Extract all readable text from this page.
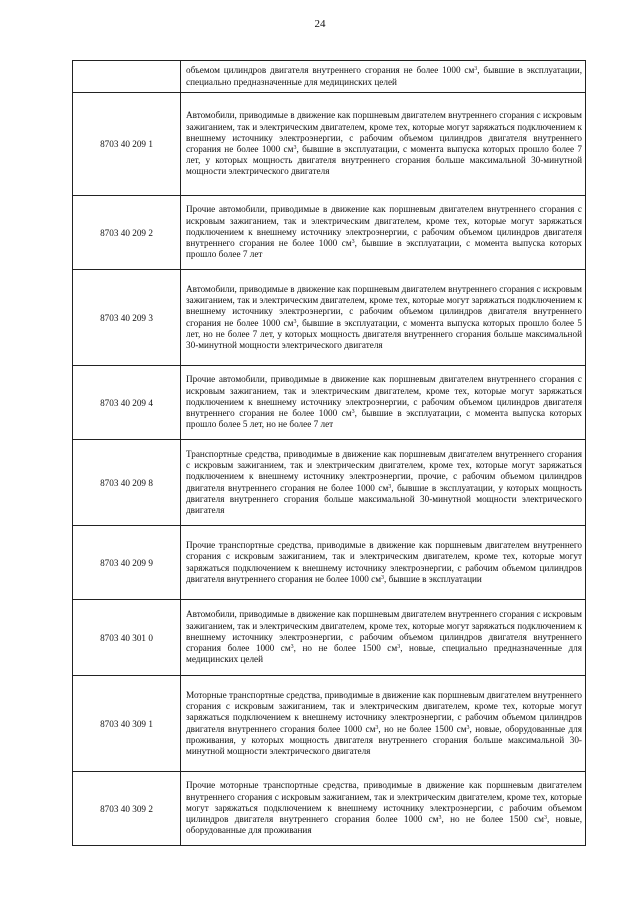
24
	объемом цилиндров двигателя внутреннего сгорания не более 1000 $см^3$, бывшие в эксплуатации, специально предназначенные для медицинских целей
8703 40 209 1	Автомобили, приводимые в движение как поршневым двигателем внутреннего сгорания с искровым зажиганием, так и электрическим двигателем, кроме тех, которые могут заряжаться подключением к внешнему источнику электроэнергии, с рабочим объемом цилиндров двигателя внутреннего сгорания не более 1000 $см^3$, бывшие в эксплуатации, с момента выпуска которых прошло более 7 лет, у которых мощность двигателя внутреннего сгорания больше максимальной 30-минутной мощности электрического двигателя
8703 40 209 2	Прочие автомобили, приводимые в движение как поршневым двигателем внутреннего сгорания с искровым зажиганием, так и электрическим двигателем, кроме тех, которые могут заряжаться подключением к внешнему источнику электроэнергии, с рабочим объемом цилиндров двигателя внутреннего сгорания не более 1000 $см^3$, бывшие в эксплуатации, с момента выпуска которых прошло более 7 лет
8703 40 209 3	Автомобили, приводимые в движение как поршневым двигателем внутреннего сгорания с искровым зажиганием, так и электрическим двигателем, кроме тех, которые могут заряжаться подключением к внешнему источнику электроэнергии, с рабочим объемом цилиндров двигателя внутреннего сгорания не более 1000 $см^3$, бывшие в эксплуатации, с момента выпуска которых прошло более 5 лет, но не более 7 лет, у которых мощность двигателя внутреннего сгорания больше максимальной 30-минутной мощности электрического двигателя
8703 40 209 4	Прочие автомобили, приводимые в движение как поршневым двигателем внутреннего сгорания с искровым зажиганием, так и электрическим двигателем, кроме тех, которые могут заряжаться подключением к внешнему источнику электроэнергии, с рабочим объемом цилиндров двигателя внутреннего сгорания не более 1000 $см^3$, бывшие в эксплуатации, с момента выпуска которых прошло более 5 лет, но не более 7 лет
8703 40 209 8	Транспортные средства, приводимые в движение как поршневым двигателем внутреннего сгорания с искровым зажиганием, так и электрическим двигателем, кроме тех, которые могут заряжаться подключением к внешнему источнику электроэнергии, прочие, с рабочим объемом цилиндров двигателя внутреннего сгорания не более 1000 $см^3$, бывшие в эксплуатации, у которых мощность двигателя внутреннего сгорания больше максимальной 30-минутной мощности электрического двигателя
8703 40 209 9	Прочие транспортные средства, приводимые в движение как поршневым двигателем внутреннего сгорания с искровым зажиганием, так и электрическим двигателем, кроме тех, которые могут заряжаться подключением к внешнему источнику электроэнергии, с рабочим объемом цилиндров двигателя внутреннего сгорания не более 1000 $см^3$, бывшие в эксплуатации
8703 40 301 0	Автомобили, приводимые в движение как поршневым двигателем внутреннего сгорания с искровым зажиганием, так и электрическим двигателем, кроме тех, которые могут заряжаться подключением к внешнему источнику электроэнергии, с рабочим объемом цилиндров двигателя внутреннего сгорания более 1000 $см^3$, но не более 1500 $см^3$, новые, специально предназначенные для медицинских целей
8703 40 309 1	Моторные транспортные средства, приводимые в движение как поршневым двигателем внутреннего сгорания с искровым зажиганием, так и электрическим двигателем, кроме тех, которые могут заряжаться подключением к внешнему источнику электроэнергии, с рабочим объемом цилиндров двигателя внутреннего сгорания более 1000 $см^3$, но не более 1500 $см^3$, новые, оборудованные для проживания, у которых мощность двигателя внутреннего сгорания больше максимальной 30-минутной мощности электрического двигателя
8703 40 309 2	Прочие моторные транспортные средства, приводимые в движение как поршневым двигателем внутреннего сгорания с искровым зажиганием, так и электрическим двигателем, кроме тех, которые могут заряжаться подключением к внешнему источнику электроэнергии, с рабочим объемом цилиндров двигателя внутреннего сгорания более 1000 $см^3$, но не более 1500 $см^3$, новые, оборудованные для проживания
